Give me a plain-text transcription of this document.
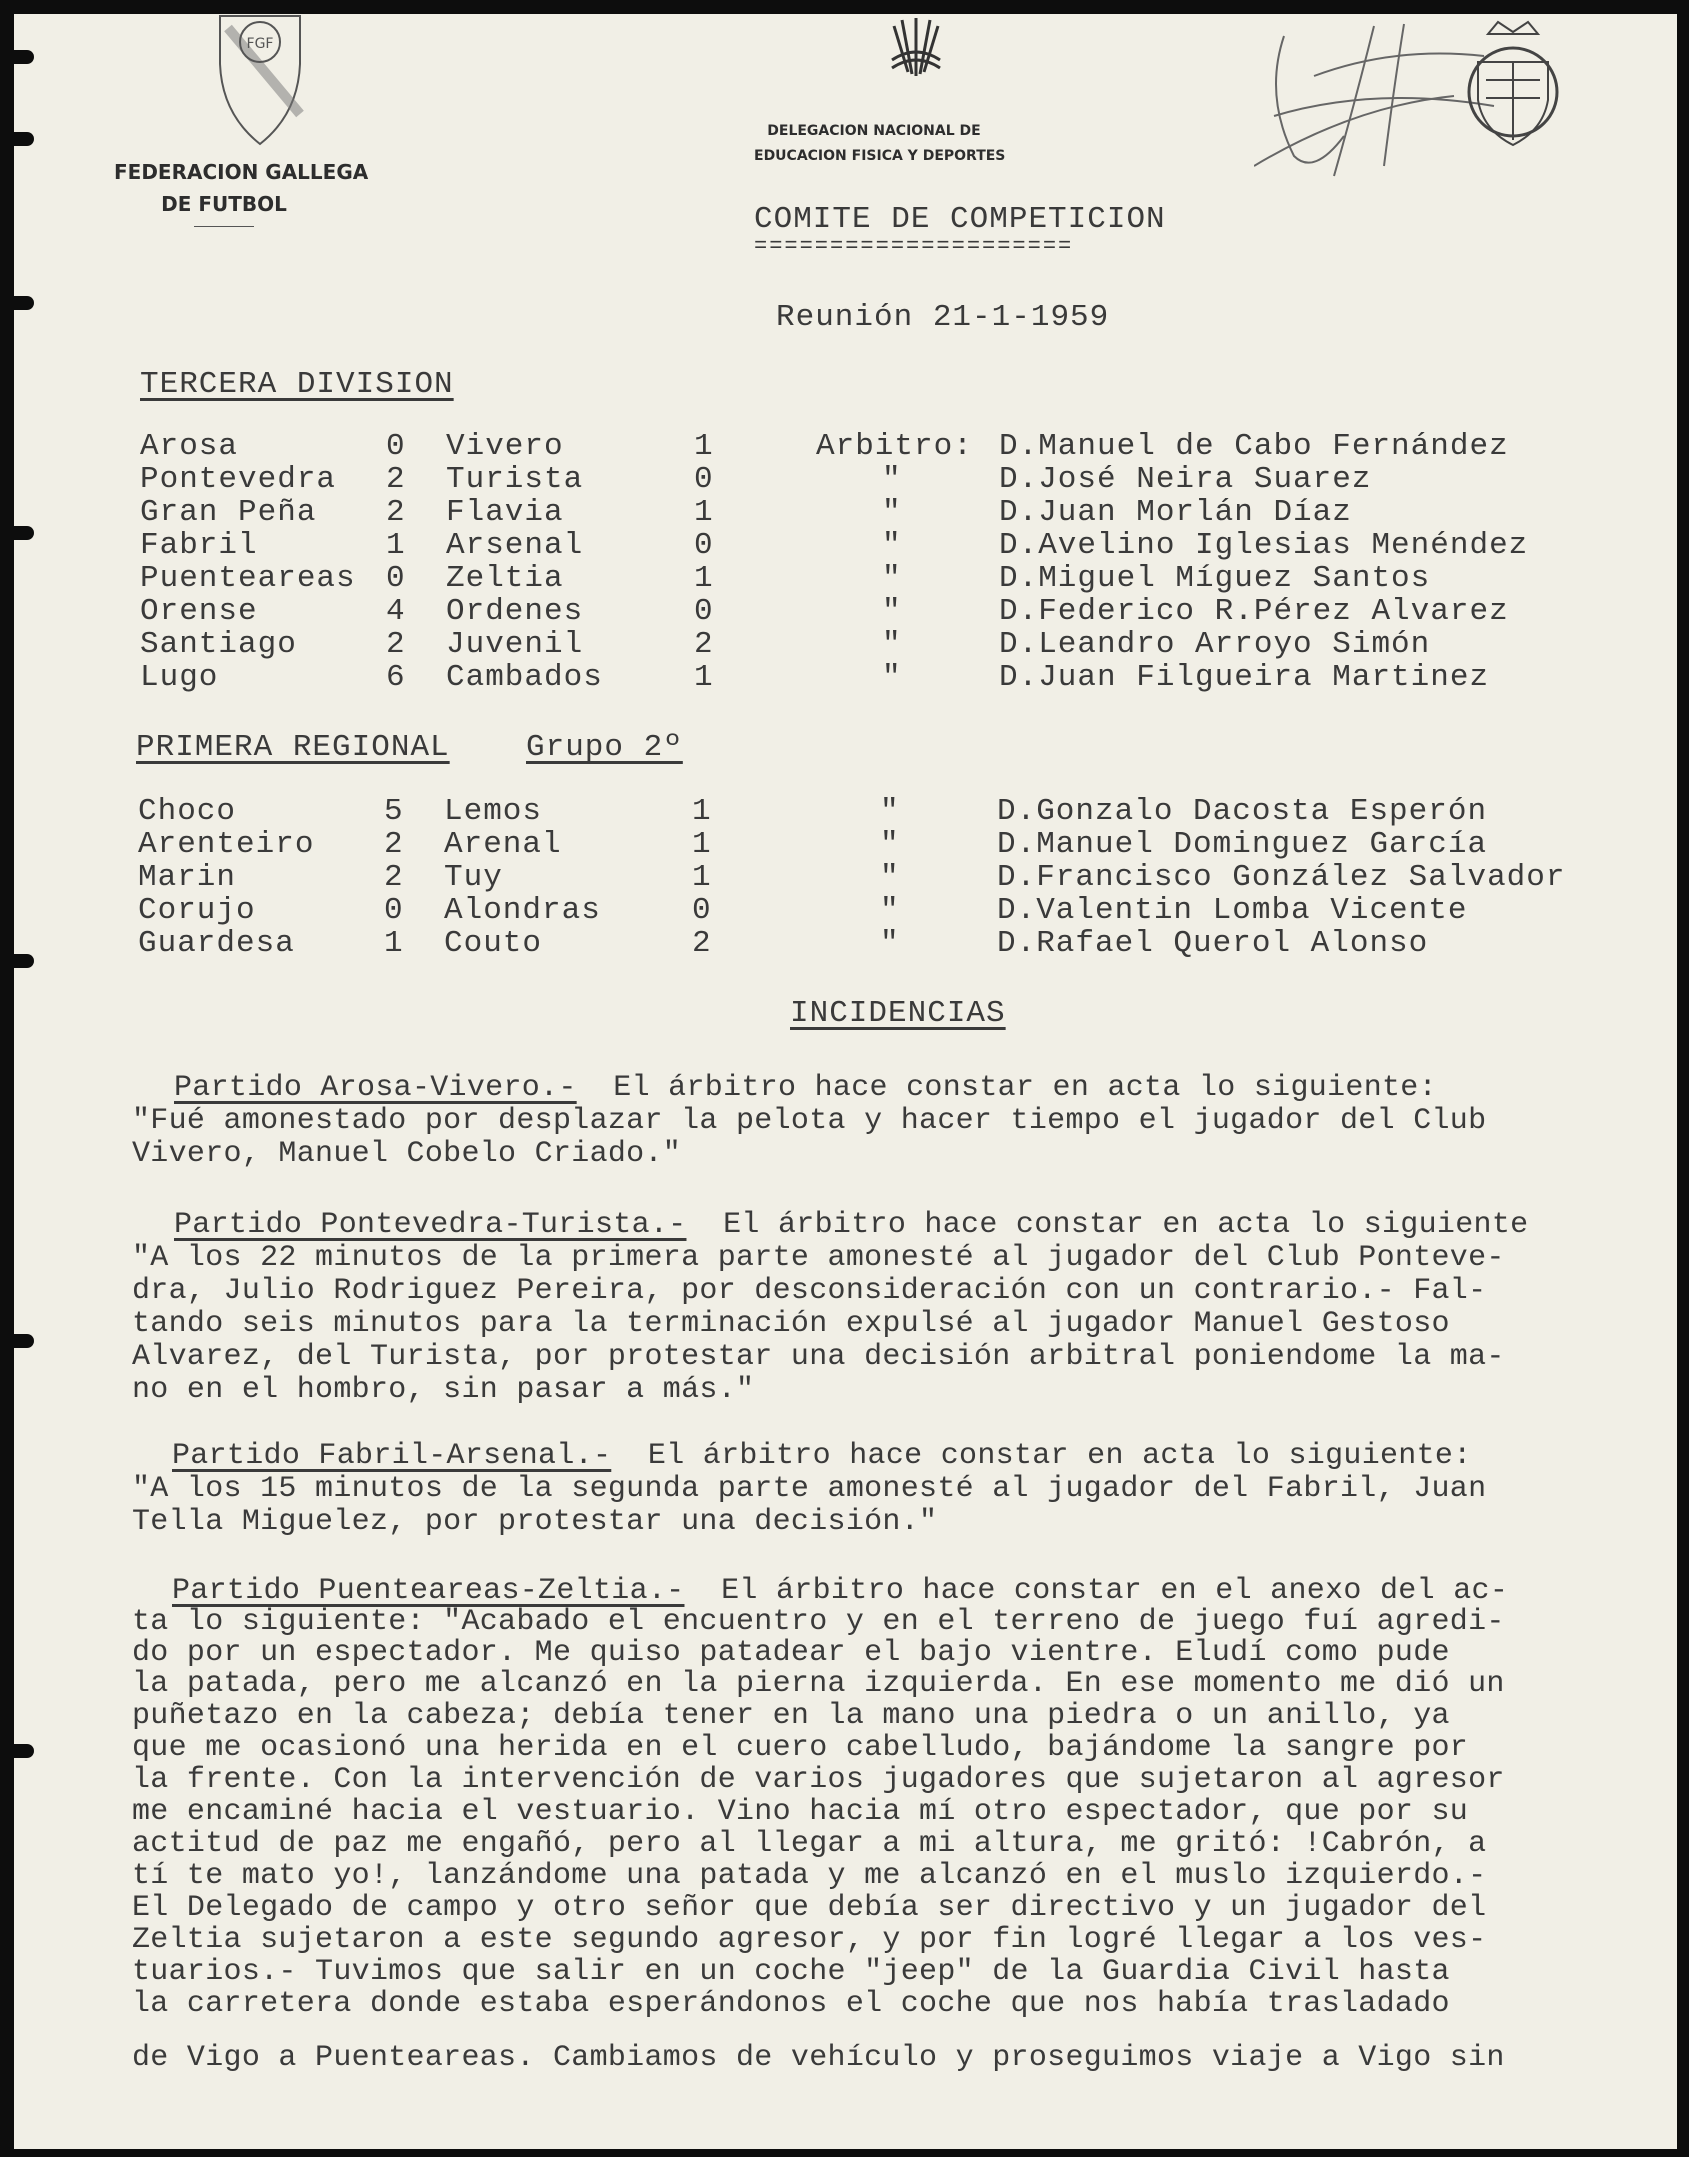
FGF
FEDERACION GALLEGA
DE FUTBOL
DELEGACION NACIONAL DE
EDUCACION FISICA Y DEPORTES
COMITE DE COMPETICION
=====================
Reunión 21-1-1959
TERCERA DIVISION
Arosa	0 Vivero	1	Arbitro: D.Manuel de Cabo Fernández
Pontevedra 2 Turista	0	"	D.José Neira Suarez
Gran Peña 2 Flavia	1	"	D.Juan Morlán Díaz
Fabril	1 Arsenal	0	"	D.Avelino Iglesias Menéndez
Puenteareas 0 Zeltia	1	"	D.Miguel Míguez Santos
Orense	4 Ordenes	0	"	D.Federico R.Pérez Alvarez
Santiago	2 Juvenil	2	"	D.Leandro Arroyo Simón
Lugo	6 Cambados	1	"	D.Juan Filgueira Martinez
PRIMERA REGIONAL Grupo 2º
Choco	5 Lemos	1	"	D.Gonzalo Dacosta Esperón
Arenteiro 2 Arenal	1	"	D.Manuel Dominguez García
Marin	2 Tuy	1	"	D.Francisco González Salvador
Corujo	0 Alondras	0	"	D.Valentin Lomba Vicente
Guardesa	1 Couto	2	"	D.Rafael Querol Alonso
INCIDENCIAS
Partido Arosa-Vivero.-  El árbitro hace constar en acta lo siguiente:
"Fué amonestado por desplazar la pelota y hacer tiempo el jugador del Club
Vivero, Manuel Cobelo Criado."
Partido Pontevedra-Turista.-  El árbitro hace constar en acta lo siguiente
"A los 22 minutos de la primera parte amonesté al jugador del Club Ponteve-
dra, Julio Rodriguez Pereira, por desconsideración con un contrario.- Fal-
tando seis minutos para la terminación expulsé al jugador Manuel Gestoso
Alvarez, del Turista, por protestar una decisión arbitral poniendome la ma-
no en el hombro, sin pasar a más."
Partido Fabril-Arsenal.-  El árbitro hace constar en acta lo siguiente:
"A los 15 minutos de la segunda parte amonesté al jugador del Fabril, Juan
Tella Miguelez, por protestar una decisión."
Partido Puenteareas-Zeltia.-  El árbitro hace constar en el anexo del ac-
ta lo siguiente: "Acabado el encuentro y en el terreno de juego fuí agredi-
do por un espectador. Me quiso patadear el bajo vientre. Eludí como pude
la patada, pero me alcanzó en la pierna izquierda. En ese momento me dió un
puñetazo en la cabeza; debía tener en la mano una piedra o un anillo, ya
que me ocasionó una herida en el cuero cabelludo, bajándome la sangre por
la frente. Con la intervención de varios jugadores que sujetaron al agresor
me encaminé hacia el vestuario. Vino hacia mí otro espectador, que por su
actitud de paz me engañó, pero al llegar a mi altura, me gritó: !Cabrón, a
tí te mato yo!, lanzándome una patada y me alcanzó en el muslo izquierdo.-
El Delegado de campo y otro señor que debía ser directivo y un jugador del
Zeltia sujetaron a este segundo agresor, y por fin logré llegar a los ves-
tuarios.- Tuvimos que salir en un coche "jeep" de la Guardia Civil hasta
la carretera donde estaba esperándonos el coche que nos había trasladado
de Vigo a Puenteareas. Cambiamos de vehículo y proseguimos viaje a Vigo sin
